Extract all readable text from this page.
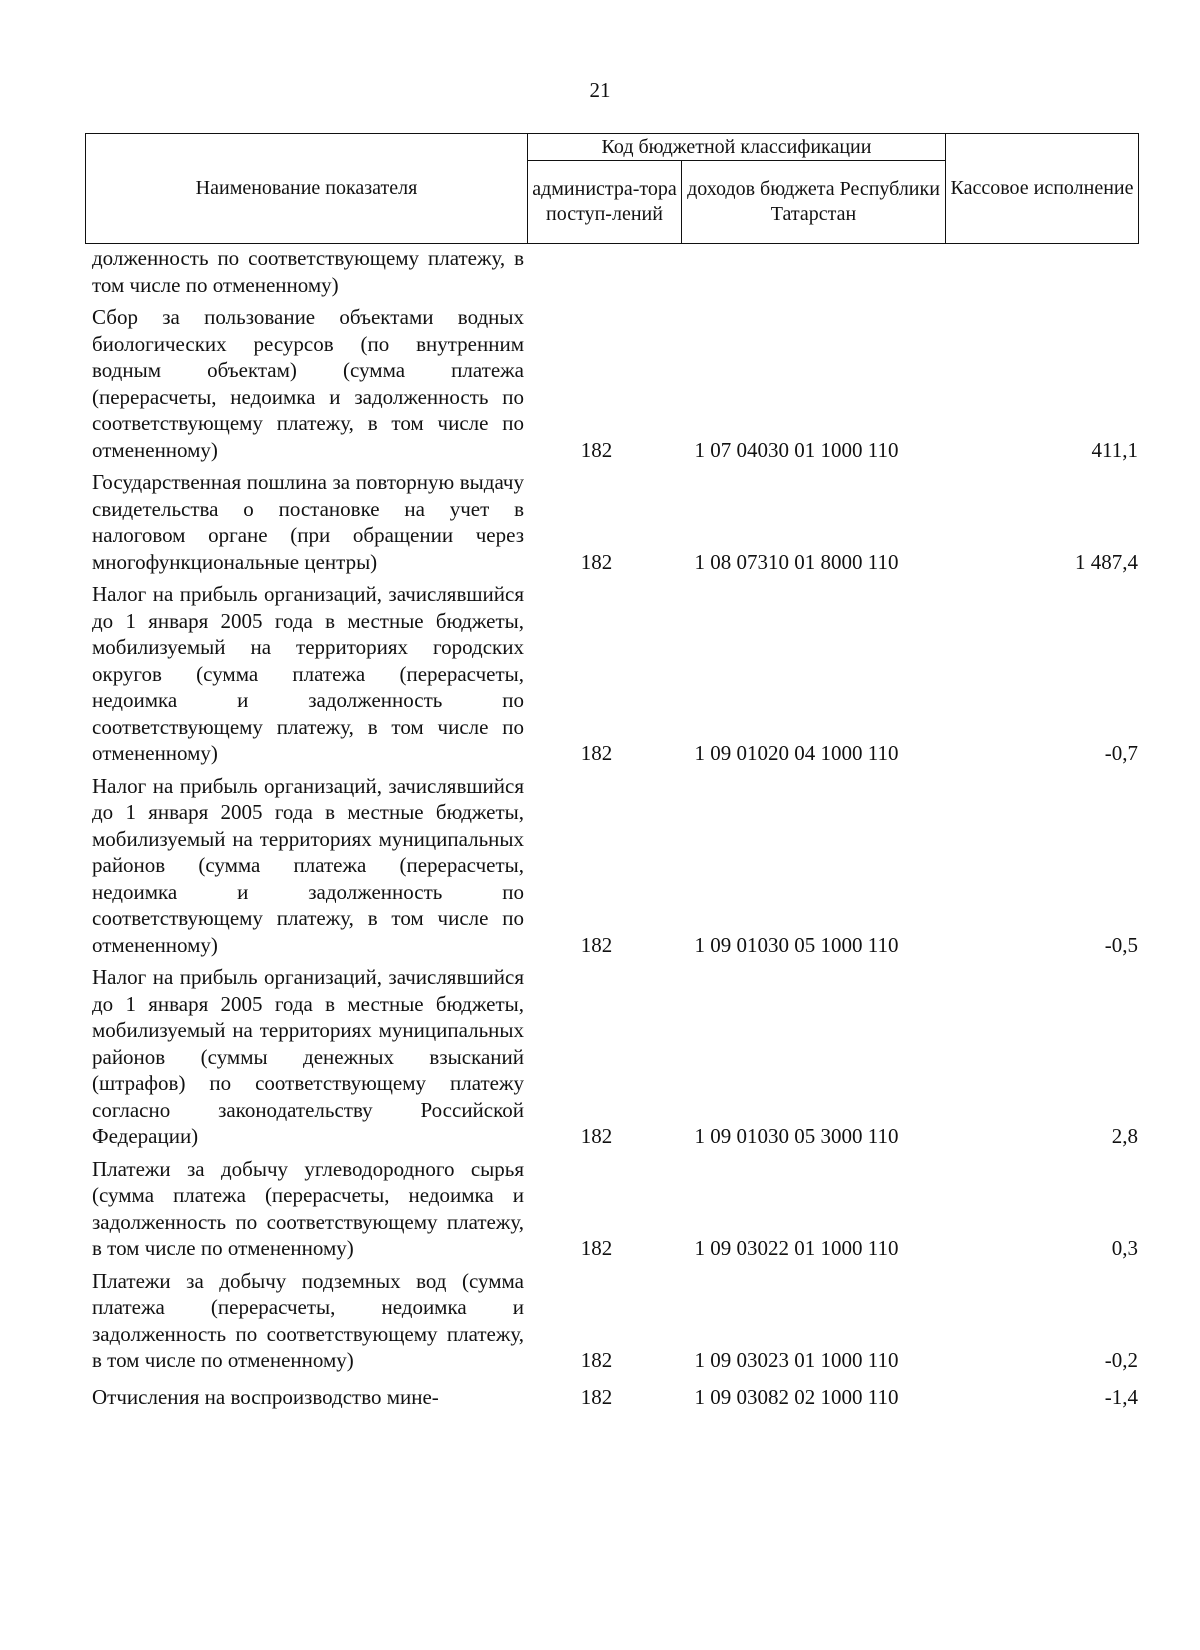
21
Наименование показателя	Код бюджетной классификации		Кассовое исполнение
	администра-тора поступ-лений	доходов бюджета Республики Татарстан	
долженность по соответствующему платежу, в том числе по отмененному)
Сбор за пользование объектами водных биологических ресурсов (по внутренним водным объектам) (сумма платежа (перерасчеты, недоимка и задолженность по соответствующему платежу, в том числе по отмененному)	182	1 07 04030 01 1000 110	411,1
Государственная пошлина за повторную выдачу свидетельства о постановке на учет в налоговом органе (при обращении через многофункциональные центры)	182	1 08 07310 01 8000 110	1 487,4
Налог на прибыль организаций, зачислявшийся до 1 января 2005 года в местные бюджеты, мобилизуемый на территориях городских округов (сумма платежа (перерасчеты, недоимка и задолженность по соответствующему платежу, в том числе по отмененному)	182	1 09 01020 04 1000 110	-0,7
Налог на прибыль организаций, зачислявшийся до 1 января 2005 года в местные бюджеты, мобилизуемый на территориях муниципальных районов (сумма платежа (перерасчеты, недоимка и задолженность по соответствующему платежу, в том числе по отмененному)	182	1 09 01030 05 1000 110	-0,5
Налог на прибыль организаций, зачислявшийся до 1 января 2005 года в местные бюджеты, мобилизуемый на территориях муниципальных районов (суммы денежных взысканий (штрафов) по соответствующему платежу согласно законодательству Российской Федерации)	182	1 09 01030 05 3000 110	2,8
Платежи за добычу углеводородного сырья (сумма платежа (перерасчеты, недоимка и задолженность по соответствующему платежу, в том числе по отмененному)	182	1 09 03022 01 1000 110	0,3
Платежи за добычу подземных вод (сумма платежа (перерасчеты, недоимка и задолженность по соответствующему платежу, в том числе по отмененному)	182	1 09 03023 01 1000 110	-0,2
Отчисления на воспроизводство мине-	182	1 09 03082 02 1000 110	-1,4
